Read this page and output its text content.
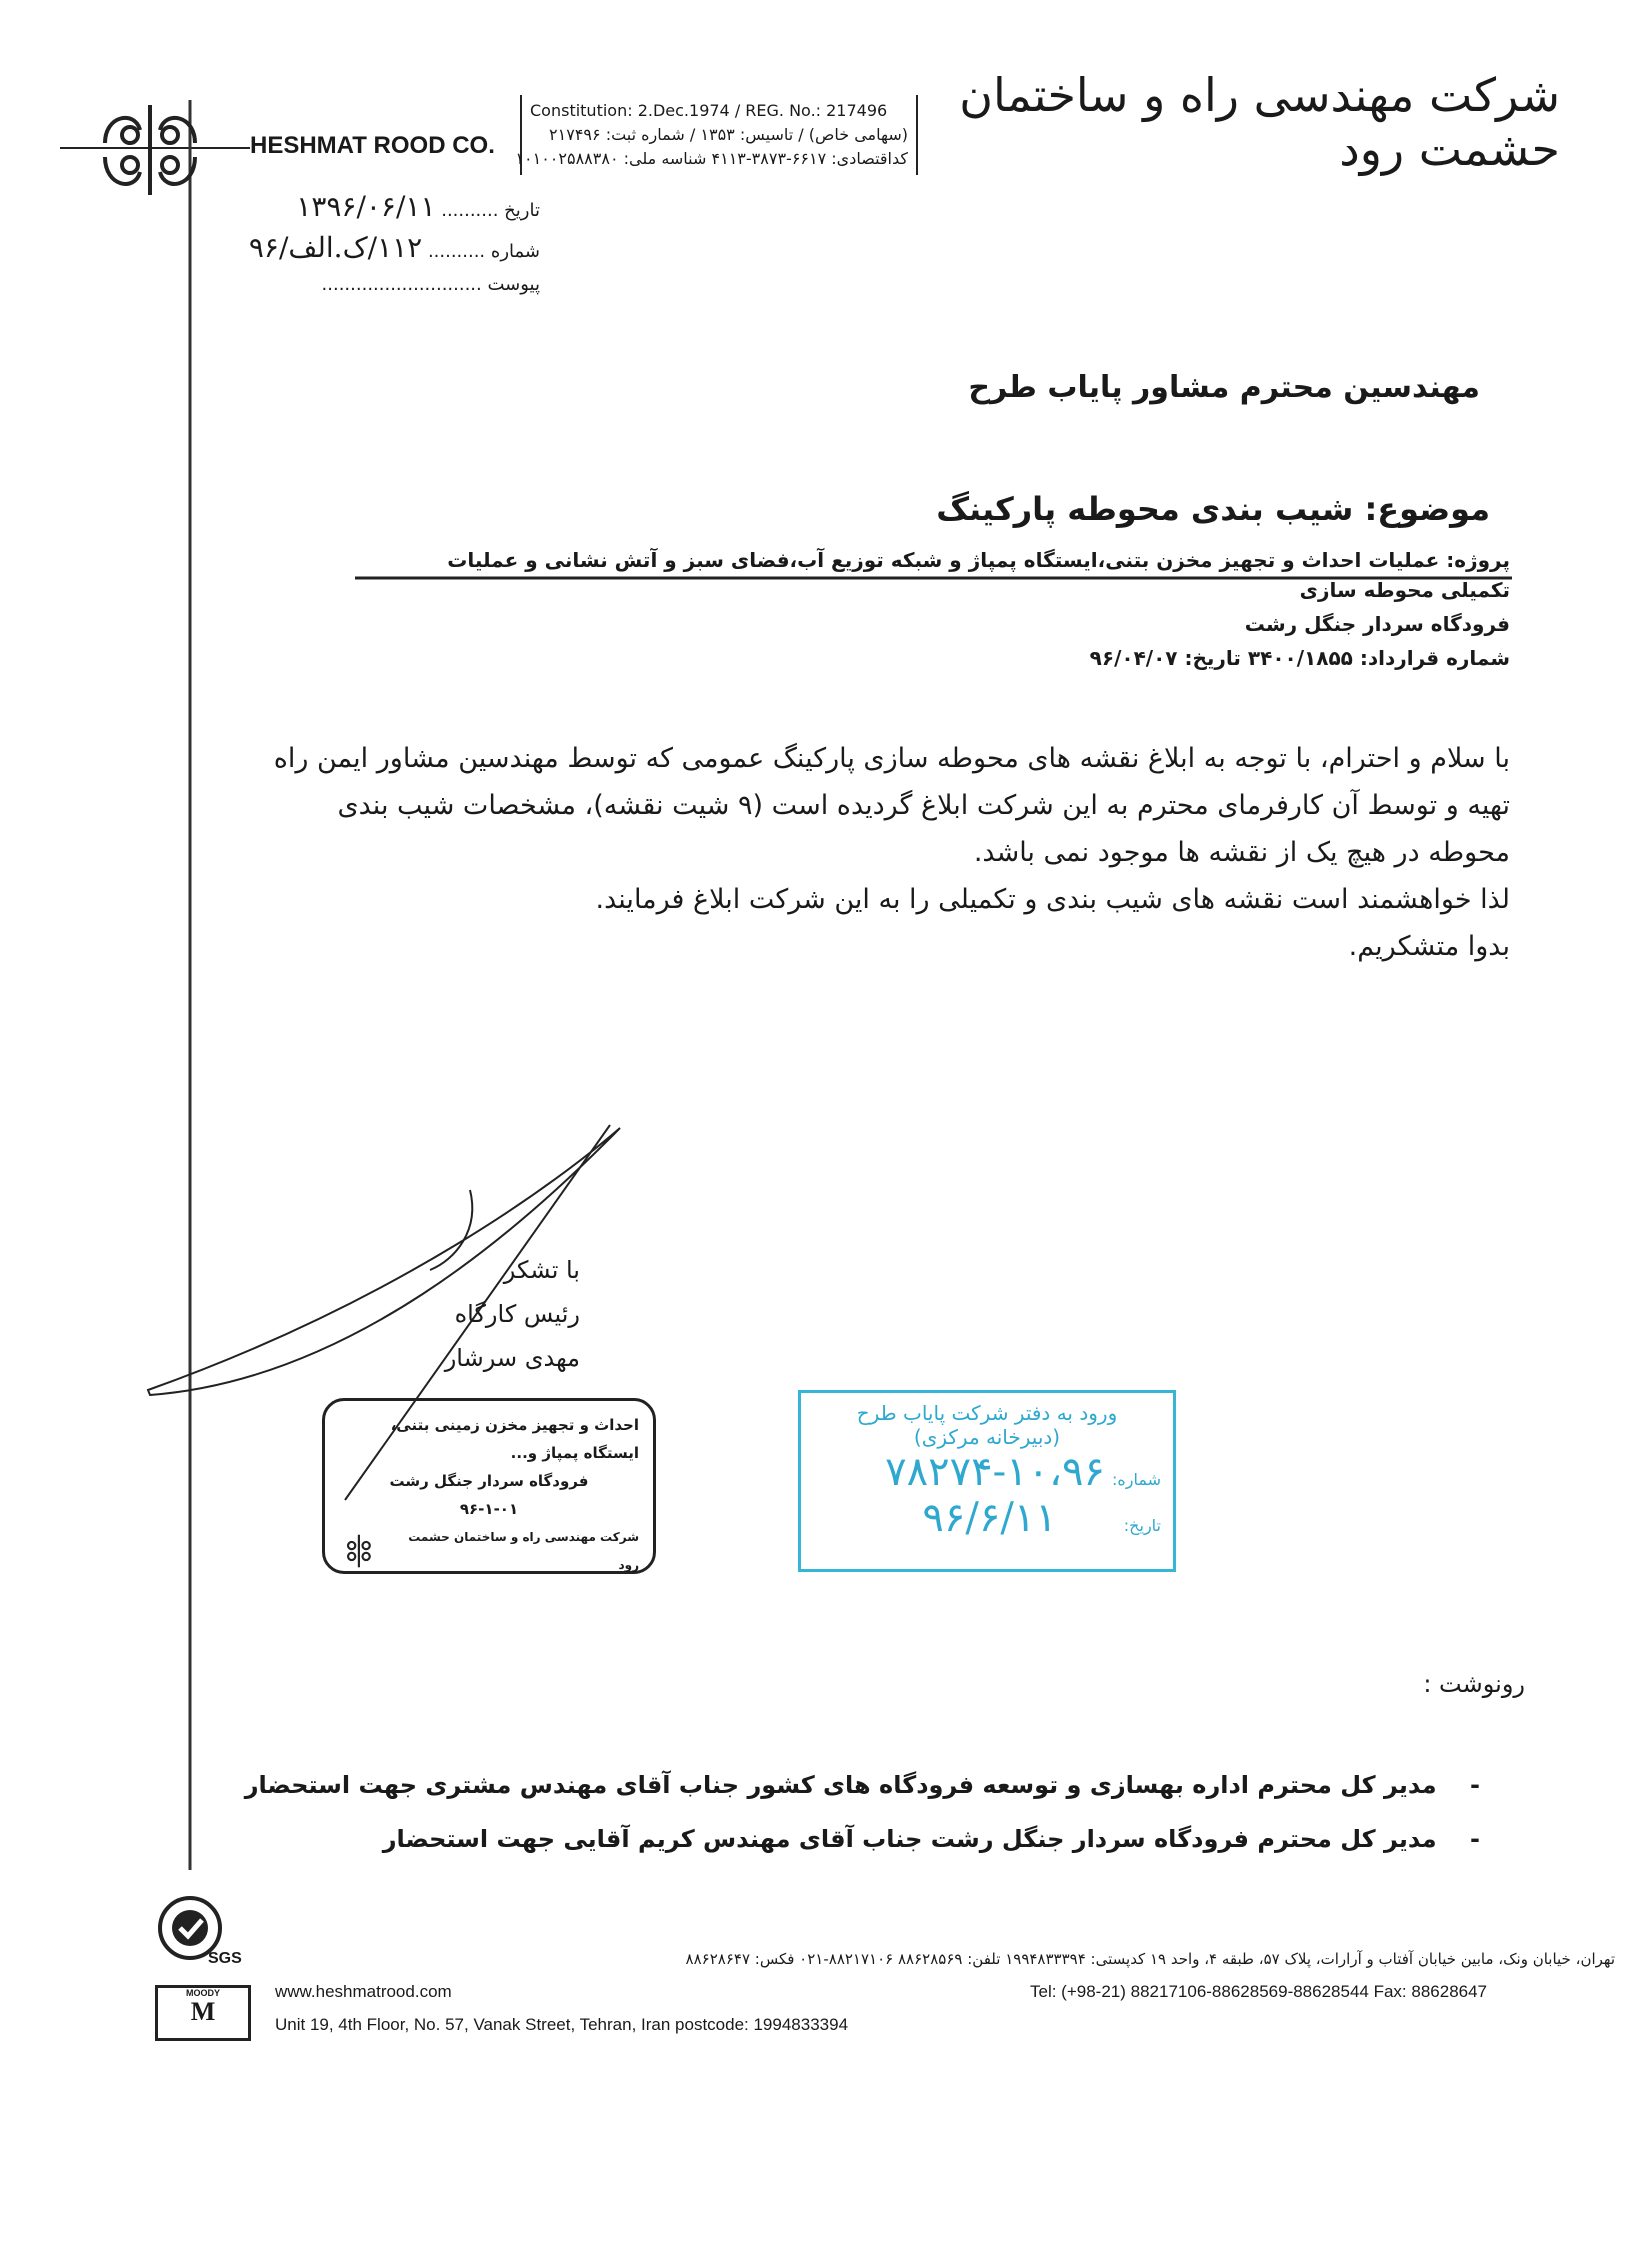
HESHMAT ROOD CO.
Constitution: 2.Dec.1974 / REG. No.: 217496
(سهامی خاص) / تاسیس: ۱۳۵۳ / شماره ثبت: ۲۱۷۴۹۶
کداقتصادی: ۶۶۱۷-۳۸۷۳-۴۱۱۳ شناسه ملی: ۱۰۱۰۰۲۵۸۸۳۸۰
شرکت مهندسی راه و ساختمان حشمت رود
تاریخ .......... ۱۳۹۶/۰۶/۱۱
شماره .......... ۱۱۲/ک.الف/۹۶
پیوست ............................
مهندسین محترم مشاور پایاب طرح
موضوع: شیب بندی محوطه پارکینگ
پروژه: عملیات احداث و تجهیز مخزن بتنی،ایستگاه پمپاژ و شبکه توزیع آب،فضای سبز و آتش نشانی و عملیات تکمیلی محوطه سازی
فرودگاه سردار جنگل رشت
شماره قرارداد: ۳۴۰۰/۱۸۵۵ تاریخ: ۹۶/۰۴/۰۷
با سلام و احترام، با توجه به ابلاغ نقشه های محوطه سازی پارکینگ عمومی که توسط مهندسین مشاور ایمن راه
تهیه و توسط آن کارفرمای محترم به این شرکت ابلاغ گردیده است (۹ شیت نقشه)، مشخصات شیب بندی
محوطه در هیچ یک از نقشه ها موجود نمی باشد.
لذا خواهشمند است نقشه های شیب بندی و تکمیلی را به این شرکت ابلاغ فرمایند.
بدوا متشکریم.
با تشکر
رئیس کارگاه
مهدی سرشار
احداث و تجهیز مخزن زمینی بتنی، ایستگاه پمپاژ و...
فرودگاه سردار جنگل رشت
۹۶-۱-۰۱
شرکت مهندسی راه و ساختمان حشمت رود
ورود به دفتر شرکت پایاب طرح
(دبیرخانه مرکزی)
شماره: ۱۰،۹۶-۷۸۲۷۴
تاریخ: ۹۶/۶/۱۱
رونوشت :
-    مدیر کل محترم اداره بهسازی و توسعه فرودگاه های کشور جناب آقای مهندس مشتری جهت استحضار
-    مدیر کل محترم فرودگاه سردار جنگل رشت جناب آقای مهندس کریم آقایی جهت استحضار
SGS
MOODY
M
تهران، خیابان ونک، مابین خیابان آفتاب و آرارات، پلاک ۵۷، طبقه ۴، واحد ۱۹ کدپستی: ۱۹۹۴۸۳۳۳۹۴ تلفن: ۸۸۶۲۸۵۶۹ ۸۸۲۱۷۱۰۶-۰۲۱ فکس: ۸۸۶۲۸۶۴۷
www.heshmatrood.com
Unit 19, 4th Floor, No. 57, Vanak Street, Tehran, Iran postcode: 1994833394
Tel: (+98-21) 88217106-88628569-88628544 Fax: 88628647
